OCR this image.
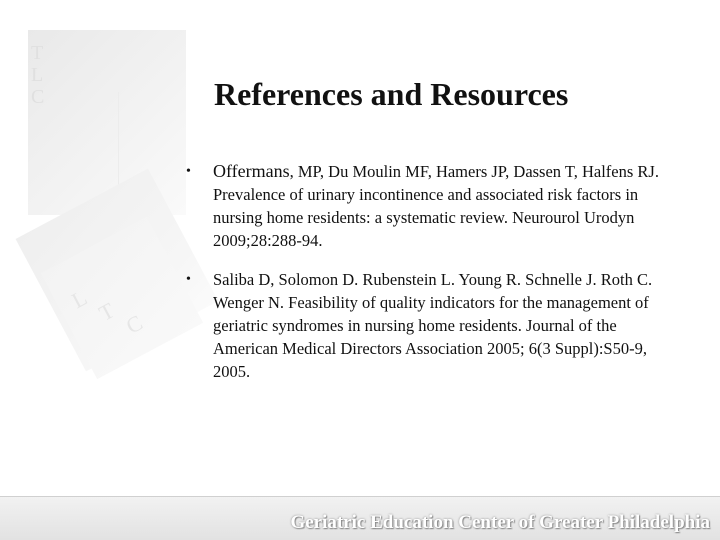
T
L
C
L T C
References and Resources
• Offermans, MP, Du Moulin MF, Hamers JP, Dassen T, Halfens RJ. Prevalence of urinary incontinence and associated risk factors in nursing home residents: a systematic review. Neurourol Urodyn 2009;28:288-94.
• Saliba D, Solomon D. Rubenstein L. Young R. Schnelle J. Roth C. Wenger N. Feasibility of quality indicators for the management of geriatric syndromes in nursing home residents. Journal of the American Medical Directors Association 2005; 6(3 Suppl):S50-9, 2005.
Geriatric Education Center of Greater Philadelphia
